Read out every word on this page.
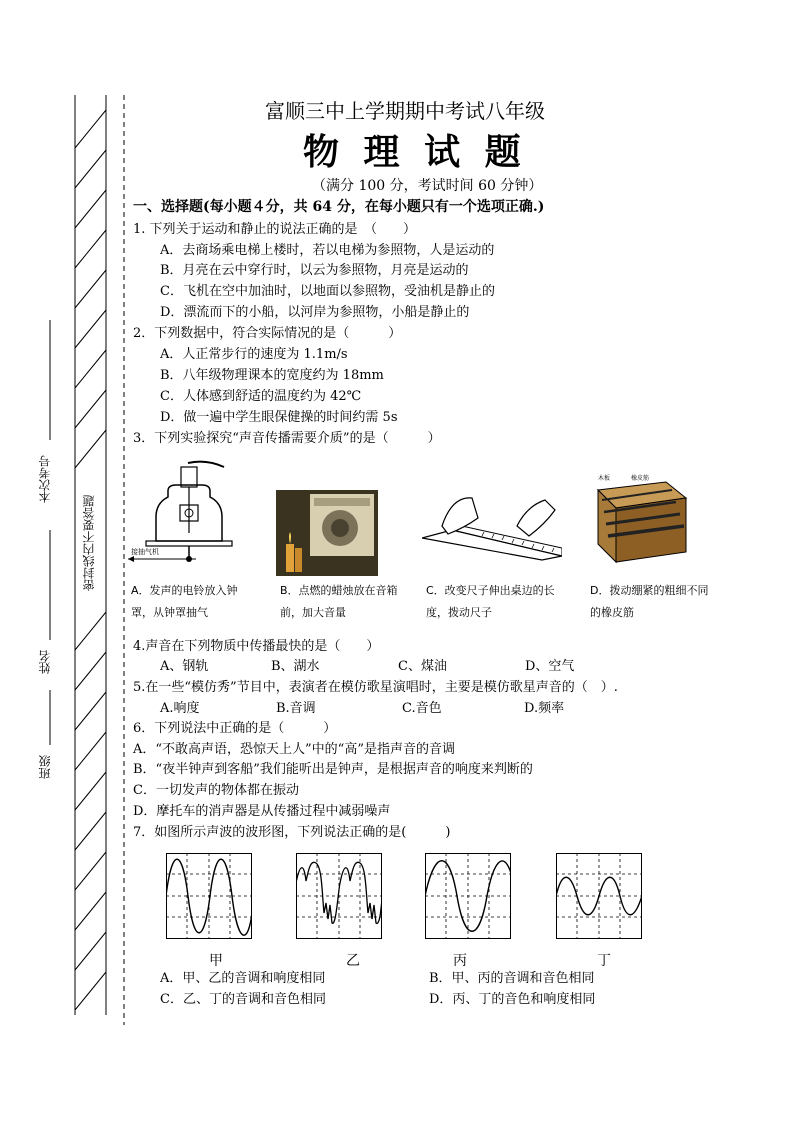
本次考号
姓名
班级
密封线内不要答题
富顺三中上学期期中考试八年级
物 理 试 题
（满分 100 分，考试时间 60 分钟）
一、选择题(每小题４分，共 64 分，在每小题只有一个选项正确.)
1. 下列关于运动和静止的说法正确的是　（　　）
A．去商场乘电梯上楼时，若以电梯为参照物，人是运动的
B．月亮在云中穿行时，以云为参照物，月亮是运动的
C．飞机在空中加油时，以地面以参照物，受油机是静止的
D．漂流而下的小船，以河岸为参照物，小船是静止的
2．下列数据中，符合实际情况的是（　　　）
A．人正常步行的速度为 1.1m/s
B．八年级物理课本的宽度约为 18mm
C．人体感到舒适的温度约为 42℃
D．做一遍中学生眼保健操的时间约需 5s
3．下列实验探究“声音传播需要介质”的是（　　　）
接抽气机
木板	橡皮筋
A．发声的电铃放入钟罩，从钟罩抽气
B．点燃的蜡烛放在音箱前，加大音量
C．改变尺子伸出桌边的长度，拨动尺子
D．拨动绷紧的粗细不同的橡皮筋
4.声音在下列物质中传播最快的是（　　）
A、钢轨	B、湖水	C、煤油	D、空气
5.在一些“模仿秀”节目中，表演者在模仿歌星演唱时，主要是模仿歌星声音的（　）.
A.响度	B.音调	C.音色	D.频率
6．下列说法中正确的是（　　　）
A．“不敢高声语，恐惊天上人”中的“高”是指声音的音调
B．“夜半钟声到客船”我们能听出是钟声，是根据声音的响度来判断的
C．一切发声的物体都在振动
D．摩托车的消声器是从传播过程中减弱噪声
7．如图所示声波的波形图，下列说法正确的是(　　　)
甲	乙	丙	丁
A．甲、乙的音调和响度相同	B．甲、丙的音调和音色相同
C．乙、丁的音调和音色相同	D．丙、丁的音色和响度相同
